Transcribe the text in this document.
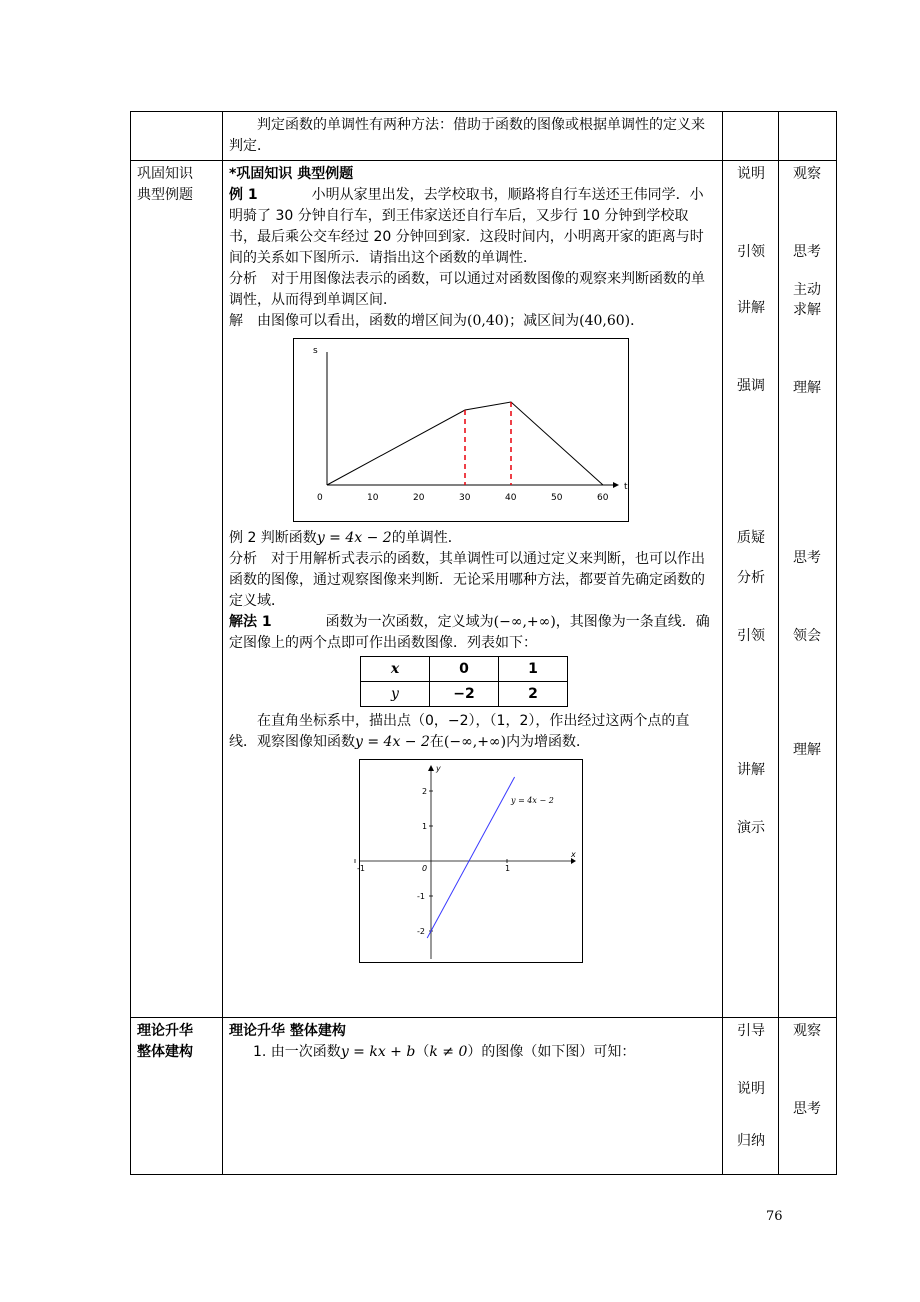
判定函数的单调性有两种方法：借助于函数的图像或根据单调性的定义来判定．

巩固知识
典型例题

*巩固知识 典型例题
例 1	小明从家里出发，去学校取书，顺路将自行车送还王伟同学．小明骑了 30 分钟自行车，到王伟家送还自行车后，又步行 10 分钟到学校取书，最后乘公交车经过 20 分钟回到家．这段时间内，小明离开家的距离与时间的关系如下图所示．请指出这个函数的单调性．
分析　对于用图像法表示的函数，可以通过对函数图像的观察来判断函数的单调性，从而得到单调区间．
解　由图像可以看出，函数的增区间为(0,40)；减区间为(40,60)．
t
s
0	10	20	30	40	50	60
例 2 判断函数y = 4x − 2的单调性．
分析　对于用解析式表示的函数，其单调性可以通过定义来判断，也可以作出函数的图像，通过观察图像来判断．无论采用哪种方法，都要首先确定函数的定义域．
解法 1	函数为一次函数，定义域为(−∞,+∞)，其图像为一条直线．确定图像上的两个点即可作出函数图像．列表如下：
x	0	1
y	−2	2
在直角坐标系中，描出点（0，−2），（1，2），作出经过这两个点的直线．观察图像知函数y = 4x − 2在(−∞,+∞)内为增函数．
x
y
-1	0	1
2
1
-1
-2
y = 4x − 2

说明
引领
讲解
强调
质疑
分析
引领
讲解
演示

观察
思考
主动
求解
理解
思考
领会
理解

理论升华
整体建构

理论升华 整体建构
1. 由一次函数y = kx + b（k ≠ 0）的图像（如下图）可知：

引导
说明
归纳

观察
思考
76
